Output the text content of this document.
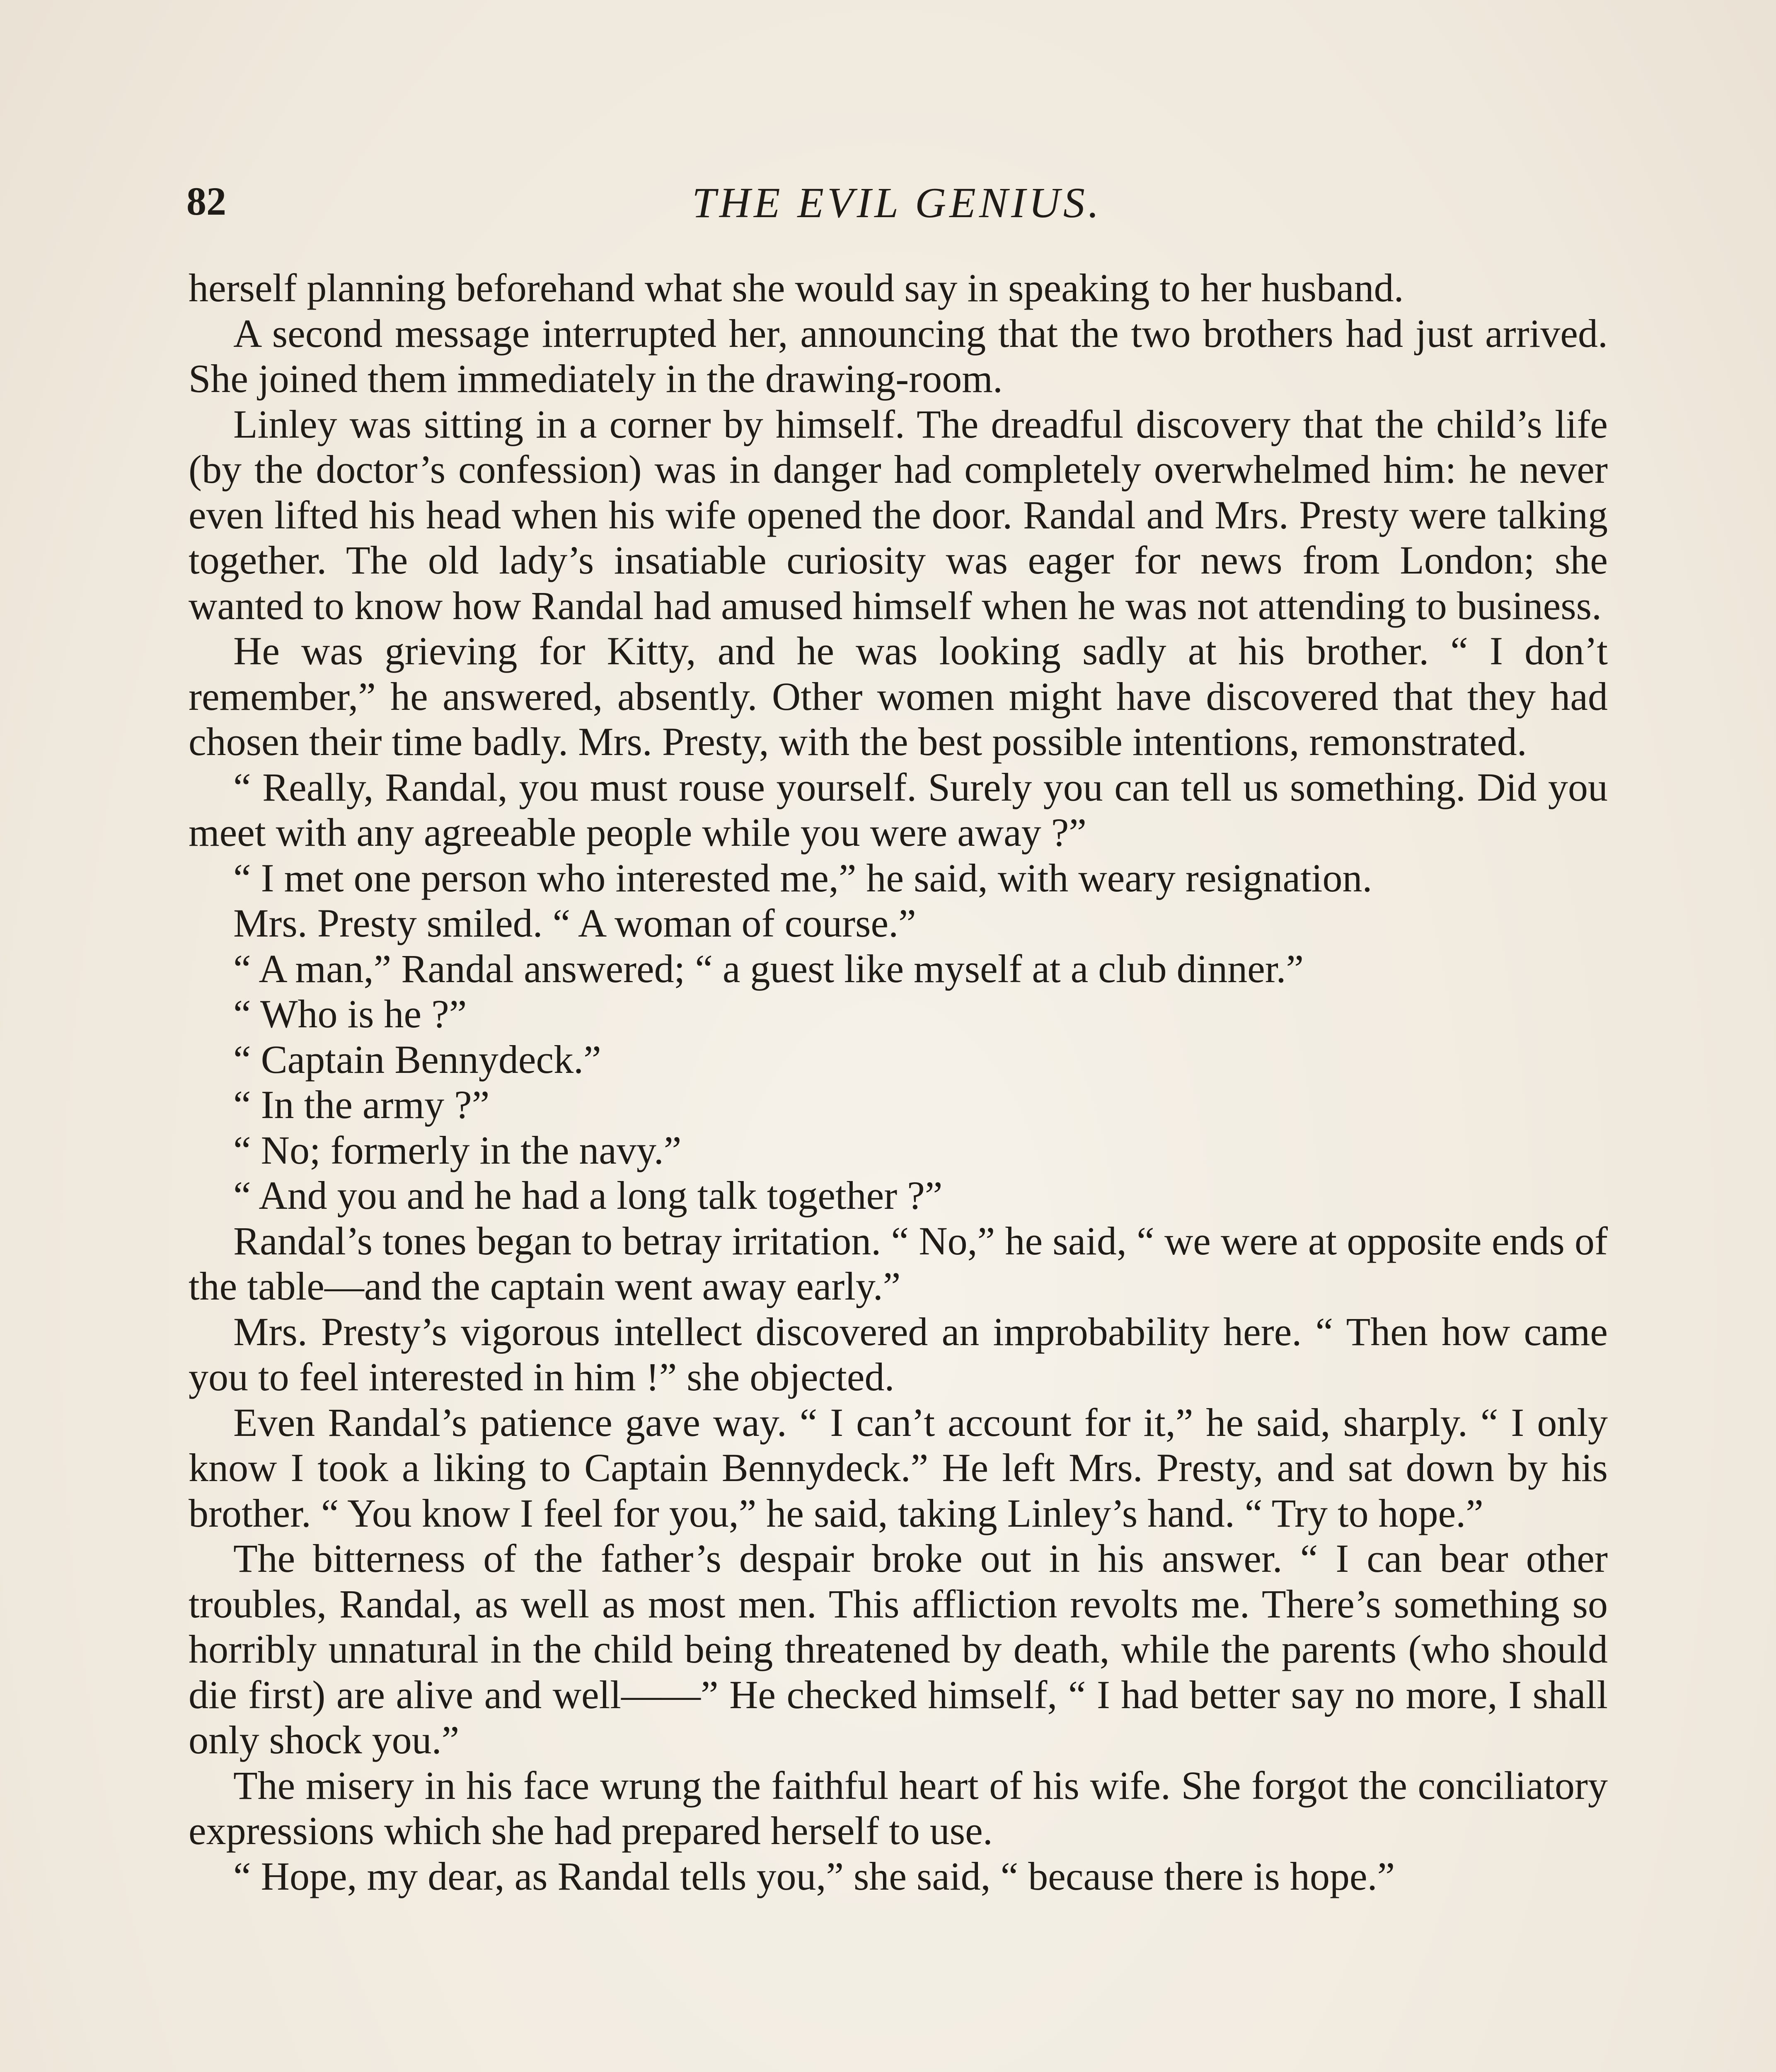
82	THE EVIL GENIUS.

herself planning beforehand what she would say in speaking to her husband.

A second message interrupted her, announcing that the two brothers had just arrived. She joined them immediately in the drawing-room.

Linley was sitting in a corner by himself. The dreadful discovery that the child’s life (by the doctor’s confession) was in danger had completely overwhelmed him: he never even lifted his head when his wife opened the door. Randal and Mrs. Presty were talking together. The old lady’s insatiable curiosity was eager for news from London; she wanted to know how Randal had amused himself when he was not attending to business.

He was grieving for Kitty, and he was looking sadly at his brother. “ I don’t remember,” he answered, absently. Other women might have discovered that they had chosen their time badly. Mrs. Presty, with the best possible intentions, remonstrated.

“ Really, Randal, you must rouse yourself. Surely you can tell us something. Did you meet with any agreeable people while you were away ?”

“ I met one person who interested me,” he said, with weary resignation.

Mrs. Presty smiled. “ A woman of course.”

“ A man,” Randal answered; “ a guest like myself at a club dinner.”

“ Who is he ?”

“ Captain Bennydeck.”

“ In the army ?”

“ No; formerly in the navy.”

“ And you and he had a long talk together ?”

Randal’s tones began to betray irritation. “ No,” he said, “ we were at opposite ends of the table—and the captain went away early.”

Mrs. Presty’s vigorous intellect discovered an improbability here. “ Then how came you to feel interested in him !” she objected.

Even Randal’s patience gave way. “ I can’t account for it,” he said, sharply. “ I only know I took a liking to Captain Bennydeck.” He left Mrs. Presty, and sat down by his brother. “ You know I feel for you,” he said, taking Linley’s hand. “ Try to hope.”

The bitterness of the father’s despair broke out in his answer. “ I can bear other troubles, Randal, as well as most men. This affliction revolts me. There’s something so horribly unnatural in the child being threatened by death, while the parents (who should die first) are alive and well——” He checked himself, “ I had better say no more, I shall only shock you.”

The misery in his face wrung the faithful heart of his wife. She forgot the conciliatory expressions which she had prepared herself to use.

“ Hope, my dear, as Randal tells you,” she said, “ because there is hope.”
